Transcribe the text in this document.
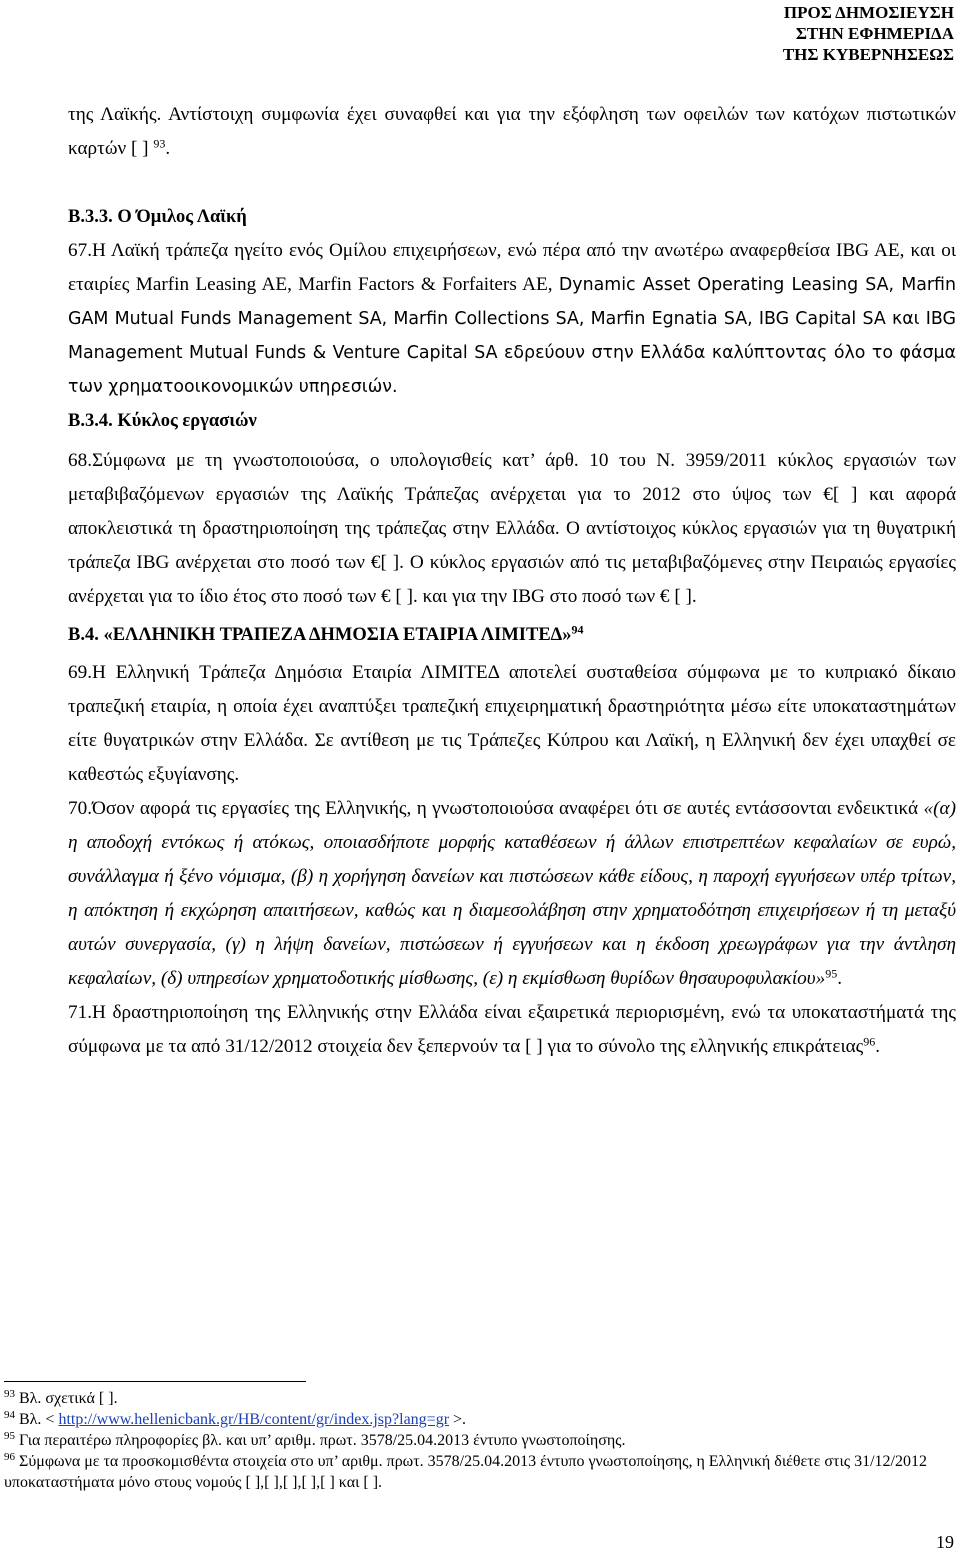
ΠΡΟΣ ΔΗΜΟΣΙΕΥΣΗ
ΣΤΗΝ ΕΦΗΜΕΡΙΔΑ
ΤΗΣ ΚΥΒΕΡΝΗΣΕΩΣ

της Λαϊκής. Αντίστοιχη συμφωνία έχει συναφθεί και για την εξόφληση των οφειλών των κατόχων πιστωτικών καρτών [ ] $^{93}$.

Β.3.3. Ο Όμιλος Λαϊκή

67.Η Λαϊκή τράπεζα ηγείτο ενός Ομίλου επιχειρήσεων, ενώ πέρα από την ανωτέρω αναφερθείσα IBG AE, και οι εταιρίες Marfin Leasing AE, Marfin Factors & Forfaiters AE, Dynamic Asset Operating Leasing SA, Marfin GAM Mutual Funds Management SA, Marfin Collections SA, Marfin Egnatia SA, IBG Capital SA και IBG Management Mutual Funds & Venture Capital SA εδρεύουν στην Ελλάδα καλύπτοντας όλο το φάσμα των χρηματοοικονομικών υπηρεσιών.

Β.3.4. Κύκλος εργασιών

68.Σύμφωνα με τη γνωστοποιούσα, ο υπολογισθείς κατ’ άρθ. 10 του Ν. 3959/2011 κύκλος εργασιών των μεταβιβαζόμενων εργασιών της Λαϊκής Τράπεζας ανέρχεται για το 2012 στο ύψος των €[ ] και αφορά αποκλειστικά τη δραστηριοποίηση της τράπεζας στην Ελλάδα. Ο αντίστοιχος κύκλος εργασιών για τη θυγατρική τράπεζα IBG ανέρχεται στο ποσό των €[ ]. Ο κύκλος εργασιών από τις μεταβιβαζόμενες στην Πειραιώς εργασίες ανέρχεται για το ίδιο έτος στο ποσό των € [ ]. και για την IBG στο ποσό των € [ ].

Β.4. «ΕΛΛΗΝΙΚΗ ΤΡΑΠΕΖΑ ΔΗΜΟΣΙΑ ΕΤΑΙΡΙΑ ΛΙΜΙΤΕΔ»$^{94}$

69.Η Ελληνική Τράπεζα Δημόσια Εταιρία ΛΙΜΙΤΕΔ αποτελεί συσταθείσα σύμφωνα με το κυπριακό δίκαιο τραπεζική εταιρία, η οποία έχει αναπτύξει τραπεζική επιχειρηματική δραστηριότητα μέσω είτε υποκαταστημάτων είτε θυγατρικών στην Ελλάδα. Σε αντίθεση με τις Τράπεζες Κύπρου και Λαϊκή, η Ελληνική δεν έχει υπαχθεί σε καθεστώς εξυγίανσης.

70.Όσον αφορά τις εργασίες της Ελληνικής, η γνωστοποιούσα αναφέρει ότι σε αυτές εντάσσονται ενδεικτικά «(α) η αποδοχή εντόκως ή ατόκως, οποιασδήποτε μορφής καταθέσεων ή άλλων επιστρεπτέων κεφαλαίων σε ευρώ, συνάλλαγμα ή ξένο νόμισμα, (β) η χορήγηση δανείων και πιστώσεων κάθε είδους, η παροχή εγγυήσεων υπέρ τρίτων, η απόκτηση ή εκχώρηση απαιτήσεων, καθώς και η διαμεσολάβηση στην χρηματοδότηση επιχειρήσεων ή τη μεταξύ αυτών συνεργασία, (γ) η λήψη δανείων, πιστώσεων ή εγγυήσεων και η έκδοση χρεωγράφων για την άντληση κεφαλαίων, (δ) υπηρεσίων χρηματοδοτικής μίσθωσης, (ε) η εκμίσθωση θυρίδων θησαυροφυλακίου»$^{95}$.

71.Η δραστηριοποίηση της Ελληνικής στην Ελλάδα είναι εξαιρετικά περιορισμένη, ενώ τα υποκαταστήματά της σύμφωνα με τα από 31/12/2012 στοιχεία δεν ξεπερνούν τα [ ] για το σύνολο της ελληνικής επικράτειας$^{96}$.

$^{93}$ Βλ. σχετικά [ ].
$^{94}$ Βλ. < http://www.hellenicbank.gr/HB/content/gr/index.jsp?lang=gr >.
$^{95}$ Για περαιτέρω πληροφορίες βλ. και υπ’ αριθμ. πρωτ. 3578/25.04.2013 έντυπο γνωστοποίησης.
$^{96}$ Σύμφωνα με τα προσκομισθέντα στοιχεία στο υπ’ αριθμ. πρωτ. 3578/25.04.2013 έντυπο γνωστοποίησης, η Ελληνική διέθετε στις 31/12/2012 υποκαταστήματα μόνο στους νομούς [ ],[ ],[ ],[ ],[ ] και [ ].
19
